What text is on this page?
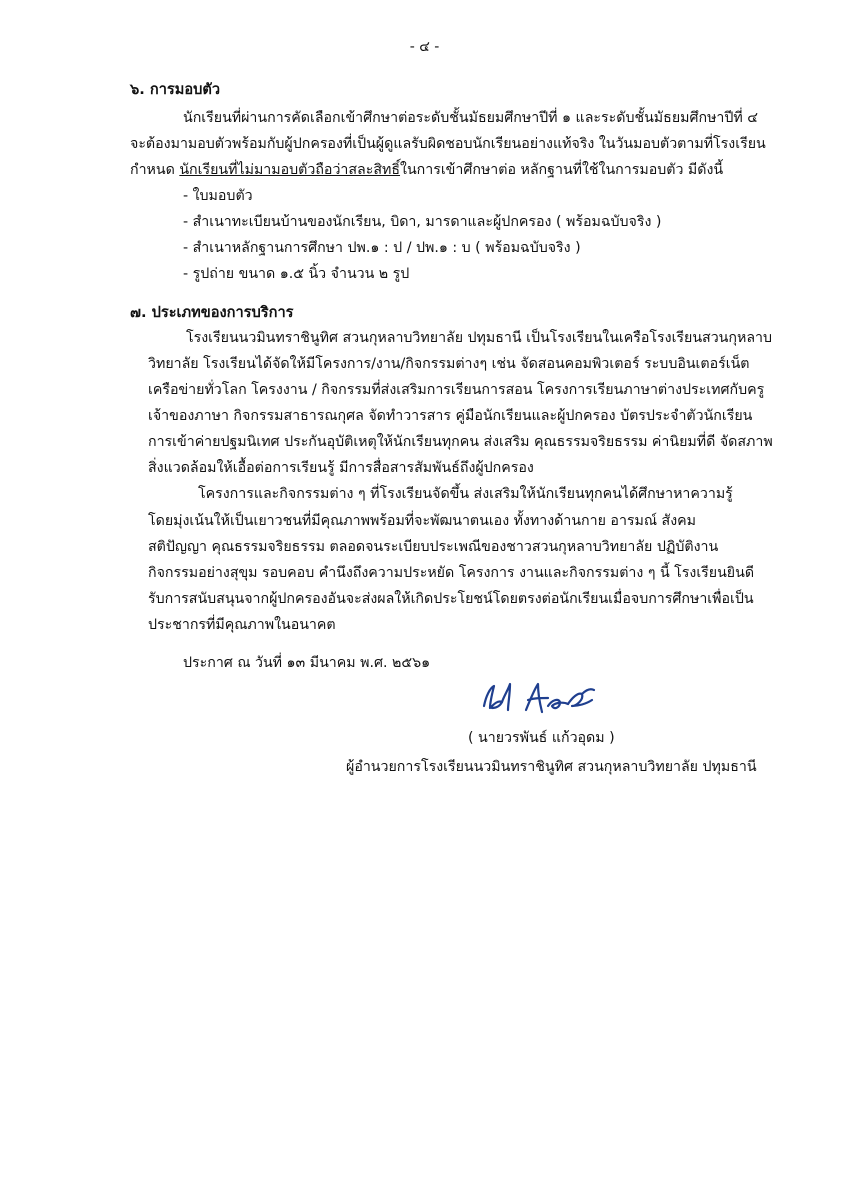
- ๔ -
๖. การมอบตัว
นักเรียนที่ผ่านการคัดเลือกเข้าศึกษาต่อระดับชั้นมัธยมศึกษาปีที่ ๑ และระดับชั้นมัธยมศึกษาปีที่ ๔
จะต้องมามอบตัวพร้อมกับผู้ปกครองที่เป็นผู้ดูแลรับผิดชอบนักเรียนอย่างแท้จริง ในวันมอบตัวตามที่โรงเรียน
กำหนด นักเรียนที่ไม่มามอบตัวถือว่าสละสิทธิ์ในการเข้าศึกษาต่อ หลักฐานที่ใช้ในการมอบตัว มีดังนี้
- ใบมอบตัว
- สำเนาทะเบียนบ้านของนักเรียน, บิดา, มารดาและผู้ปกครอง ( พร้อมฉบับจริง )
- สำเนาหลักฐานการศึกษา ปพ.๑ : ป / ปพ.๑ : บ ( พร้อมฉบับจริง )
- รูปถ่าย ขนาด ๑.๕ นิ้ว จำนวน ๒ รูป
๗. ประเภทของการบริการ
โรงเรียนนวมินทราชินูทิศ สวนกุหลาบวิทยาลัย ปทุมธานี เป็นโรงเรียนในเครือโรงเรียนสวนกุหลาบ
วิทยาลัย โรงเรียนได้จัดให้มีโครงการ/งาน/กิจกรรมต่างๆ เช่น จัดสอนคอมพิวเตอร์ ระบบอินเตอร์เน็ต
เครือข่ายทั่วโลก โครงงาน / กิจกรรมที่ส่งเสริมการเรียนการสอน โครงการเรียนภาษาต่างประเทศกับครู
เจ้าของภาษา กิจกรรมสาธารณกุศล จัดทำวารสาร คู่มือนักเรียนและผู้ปกครอง บัตรประจำตัวนักเรียน
การเข้าค่ายปฐมนิเทศ ประกันอุบัติเหตุให้นักเรียนทุกคน ส่งเสริม คุณธรรมจริยธรรม ค่านิยมที่ดี จัดสภาพ
สิ่งแวดล้อมให้เอื้อต่อการเรียนรู้ มีการสื่อสารสัมพันธ์ถึงผู้ปกครอง
โครงการและกิจกรรมต่าง ๆ ที่โรงเรียนจัดขึ้น ส่งเสริมให้นักเรียนทุกคนได้ศึกษาหาความรู้
โดยมุ่งเน้นให้เป็นเยาวชนที่มีคุณภาพพร้อมที่จะพัฒนาตนเอง ทั้งทางด้านกาย อารมณ์ สังคม
สติปัญญา คุณธรรมจริยธรรม ตลอดจนระเบียบประเพณีของชาวสวนกุหลาบวิทยาลัย ปฏิบัติงาน
กิจกรรมอย่างสุขุม รอบคอบ คำนึงถึงความประหยัด โครงการ งานและกิจกรรมต่าง ๆ นี้ โรงเรียนยินดี
รับการสนับสนุนจากผู้ปกครองอันจะส่งผลให้เกิดประโยชน์โดยตรงต่อนักเรียนเมื่อจบการศึกษาเพื่อเป็น
ประชากรที่มีคุณภาพในอนาคต
ประกาศ ณ วันที่ ๑๓ มีนาคม พ.ศ. ๒๕๖๑
( นายวรพันธ์ แก้วอุดม )
ผู้อำนวยการโรงเรียนนวมินทราชินูทิศ สวนกุหลาบวิทยาลัย ปทุมธานี
